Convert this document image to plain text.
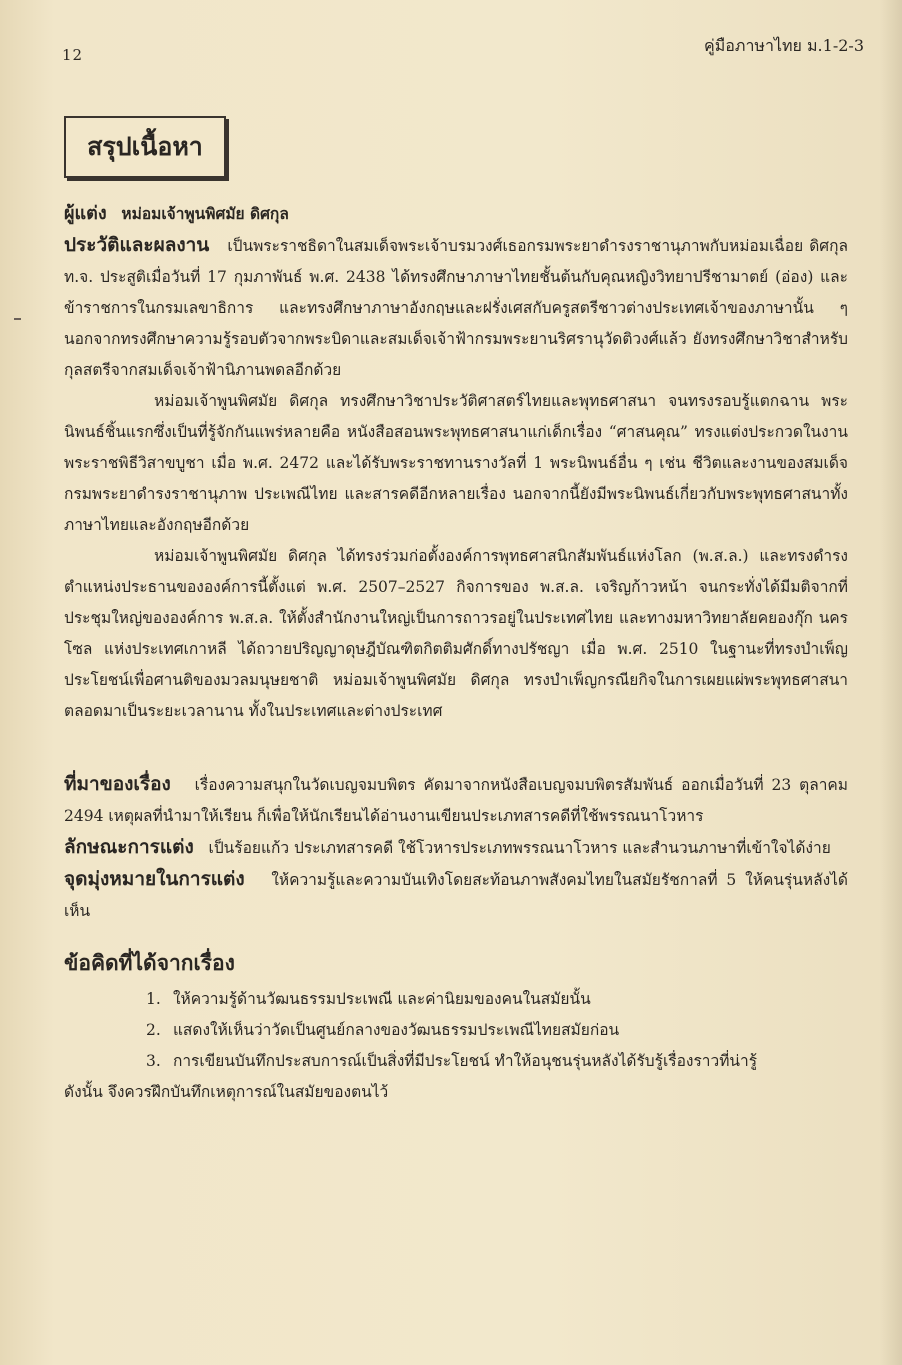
12	คู่มือภาษาไทย ม.1-2-3
สรุปเนื้อหา

ผู้แต่ง หม่อมเจ้าพูนพิศมัย ดิศกุล

ประวัติและผลงาน เป็นพระราชธิดาในสมเด็จพระเจ้าบรมวงศ์เธอกรมพระยาดำรงราชานุภาพกับหม่อมเฉื่อย ดิศกุล ท.จ. ประสูติเมื่อวันที่ 17 กุมภาพันธ์ พ.ศ. 2438 ได้ทรงศึกษาภาษาไทยชั้นต้นกับคุณหญิงวิทยาปรีชามาตย์ (อ่อง) และข้าราชการในกรมเลขาธิการ และทรงศึกษาภาษาอังกฤษและฝรั่งเศสกับครูสตรีชาวต่างประเทศเจ้าของภาษานั้น ๆ นอกจากทรงศึกษาความรู้รอบตัวจากพระบิดาและสมเด็จเจ้าฟ้ากรมพระยานริศรานุวัดติวงศ์แล้ว ยังทรงศึกษาวิชาสำหรับกุลสตรีจากสมเด็จเจ้าฟ้านิภานพดลอีกด้วย

หม่อมเจ้าพูนพิศมัย ดิศกุล ทรงศึกษาวิชาประวัติศาสตร์ไทยและพุทธศาสนา จนทรงรอบรู้แตกฉาน พระนิพนธ์ชิ้นแรกซึ่งเป็นที่รู้จักกันแพร่หลายคือ หนังสือสอนพระพุทธศาสนาแก่เด็กเรื่อง “ศาสนคุณ” ทรงแต่งประกวดในงานพระราชพิธีวิสาขบูชา เมื่อ พ.ศ. 2472 และได้รับพระราชทานรางวัลที่ 1 พระนิพนธ์อื่น ๆ เช่น ชีวิตและงานของสมเด็จกรมพระยาดำรงราชานุภาพ ประเพณีไทย และสารคดีอีกหลายเรื่อง นอกจากนี้ยังมีพระนิพนธ์เกี่ยวกับพระพุทธศาสนาทั้งภาษาไทยและอังกฤษอีกด้วย

หม่อมเจ้าพูนพิศมัย ดิศกุล ได้ทรงร่วมก่อตั้งองค์การพุทธศาสนิกสัมพันธ์แห่งโลก (พ.ส.ล.) และทรงดำรงตำแหน่งประธานขององค์การนี้ตั้งแต่ พ.ศ. 2507–2527 กิจการของ พ.ส.ล. เจริญก้าวหน้า จนกระทั่งได้มีมติจากที่ประชุมใหญ่ขององค์การ พ.ส.ล. ให้ตั้งสำนักงานใหญ่เป็นการถาวรอยู่ในประเทศไทย และทางมหาวิทยาลัยคยองกุ๊ก นครโซล แห่งประเทศเกาหลี ได้ถวายปริญญาดุษฎีบัณฑิตกิตติมศักดิ์ทางปรัชญา เมื่อ พ.ศ. 2510 ในฐานะที่ทรงบำเพ็ญประโยชน์เพื่อศานติของมวลมนุษยชาติ หม่อมเจ้าพูนพิศมัย ดิศกุล ทรงบำเพ็ญกรณียกิจในการเผยแผ่พระพุทธศาสนาตลอดมาเป็นระยะเวลานาน ทั้งในประเทศและต่างประเทศ

ที่มาของเรื่อง เรื่องความสนุกในวัดเบญจมบพิตร คัดมาจากหนังสือเบญจมบพิตรสัมพันธ์ ออกเมื่อวันที่ 23 ตุลาคม 2494 เหตุผลที่นำมาให้เรียน ก็เพื่อให้นักเรียนได้อ่านงานเขียนประเภทสารคดีที่ใช้พรรณนาโวหาร

ลักษณะการแต่ง เป็นร้อยแก้ว ประเภทสารคดี ใช้โวหารประเภทพรรณนาโวหาร และสำนวนภาษาที่เข้าใจได้ง่าย

จุดมุ่งหมายในการแต่ง ให้ความรู้และความบันเทิงโดยสะท้อนภาพสังคมไทยในสมัยรัชกาลที่ 5 ให้คนรุ่นหลังได้เห็น

ข้อคิดที่ได้จากเรื่อง
1. ให้ความรู้ด้านวัฒนธรรมประเพณี และค่านิยมของคนในสมัยนั้น
2. แสดงให้เห็นว่าวัดเป็นศูนย์กลางของวัฒนธรรมประเพณีไทยสมัยก่อน
3. การเขียนบันทึกประสบการณ์เป็นสิ่งที่มีประโยชน์ ทำให้อนุชนรุ่นหลังได้รับรู้เรื่องราวที่น่ารู้

ดังนั้น จึงควรฝึกบันทึกเหตุการณ์ในสมัยของตนไว้
